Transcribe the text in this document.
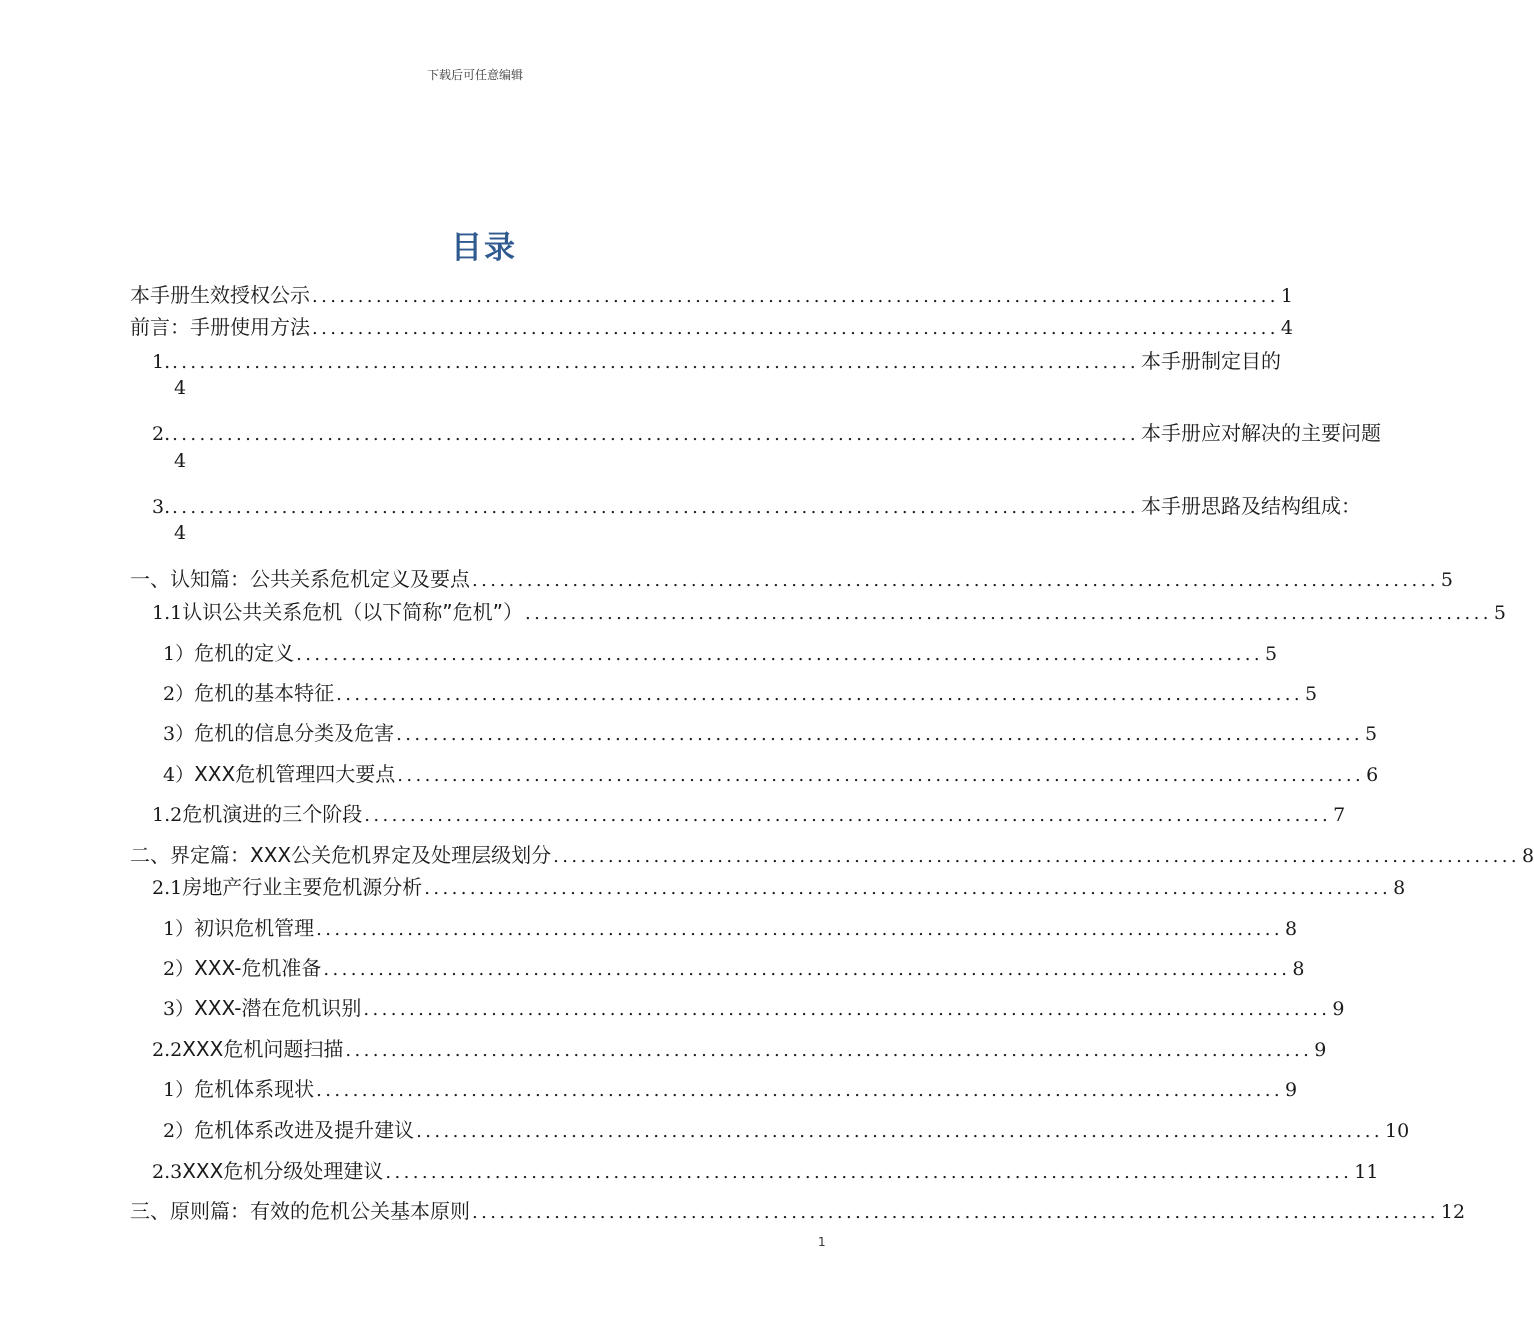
下载后可任意编辑
目录
本手册生效授权公示 .......................................................................................................... 1
前言：手册使用方法 .......................................................................................................... 4
1. .......................................................................................................... 本手册制定目的
4
2. .......................................................................................................... 本手册应对解决的主要问题
4
3. .......................................................................................................... 本手册思路及结构组成：
4
一、 认知篇：公共关系危机定义及要点 .......................................................................................................... 5
1.1 认识公共关系危机（以下简称”危机”） .......................................................................................................... 5
1） 危机的定义 .......................................................................................................... 5
2） 危机的基本特征 .......................................................................................................... 5
3） 危机的信息分类及危害 .......................................................................................................... 5
4） XXX危机管理四大要点 .......................................................................................................... 6
1.2 危机演进的三个阶段 .......................................................................................................... 7
二、 界定篇：XXX公关危机界定及处理层级划分 .......................................................................................................... 8
2.1 房地产行业主要危机源分析 .......................................................................................................... 8
1） 初识危机管理 .......................................................................................................... 8
2） XXX-危机准备 .......................................................................................................... 8
3） XXX-潜在危机识别 .......................................................................................................... 9
2.2 XXX危机问题扫描 .......................................................................................................... 9
1） 危机体系现状 .......................................................................................................... 9
2） 危机体系改进及提升建议 .......................................................................................................... 10
2.3 XXX危机分级处理建议 .......................................................................................................... 11
三、 原则篇：有效的危机公关基本原则 .......................................................................................................... 12
1
